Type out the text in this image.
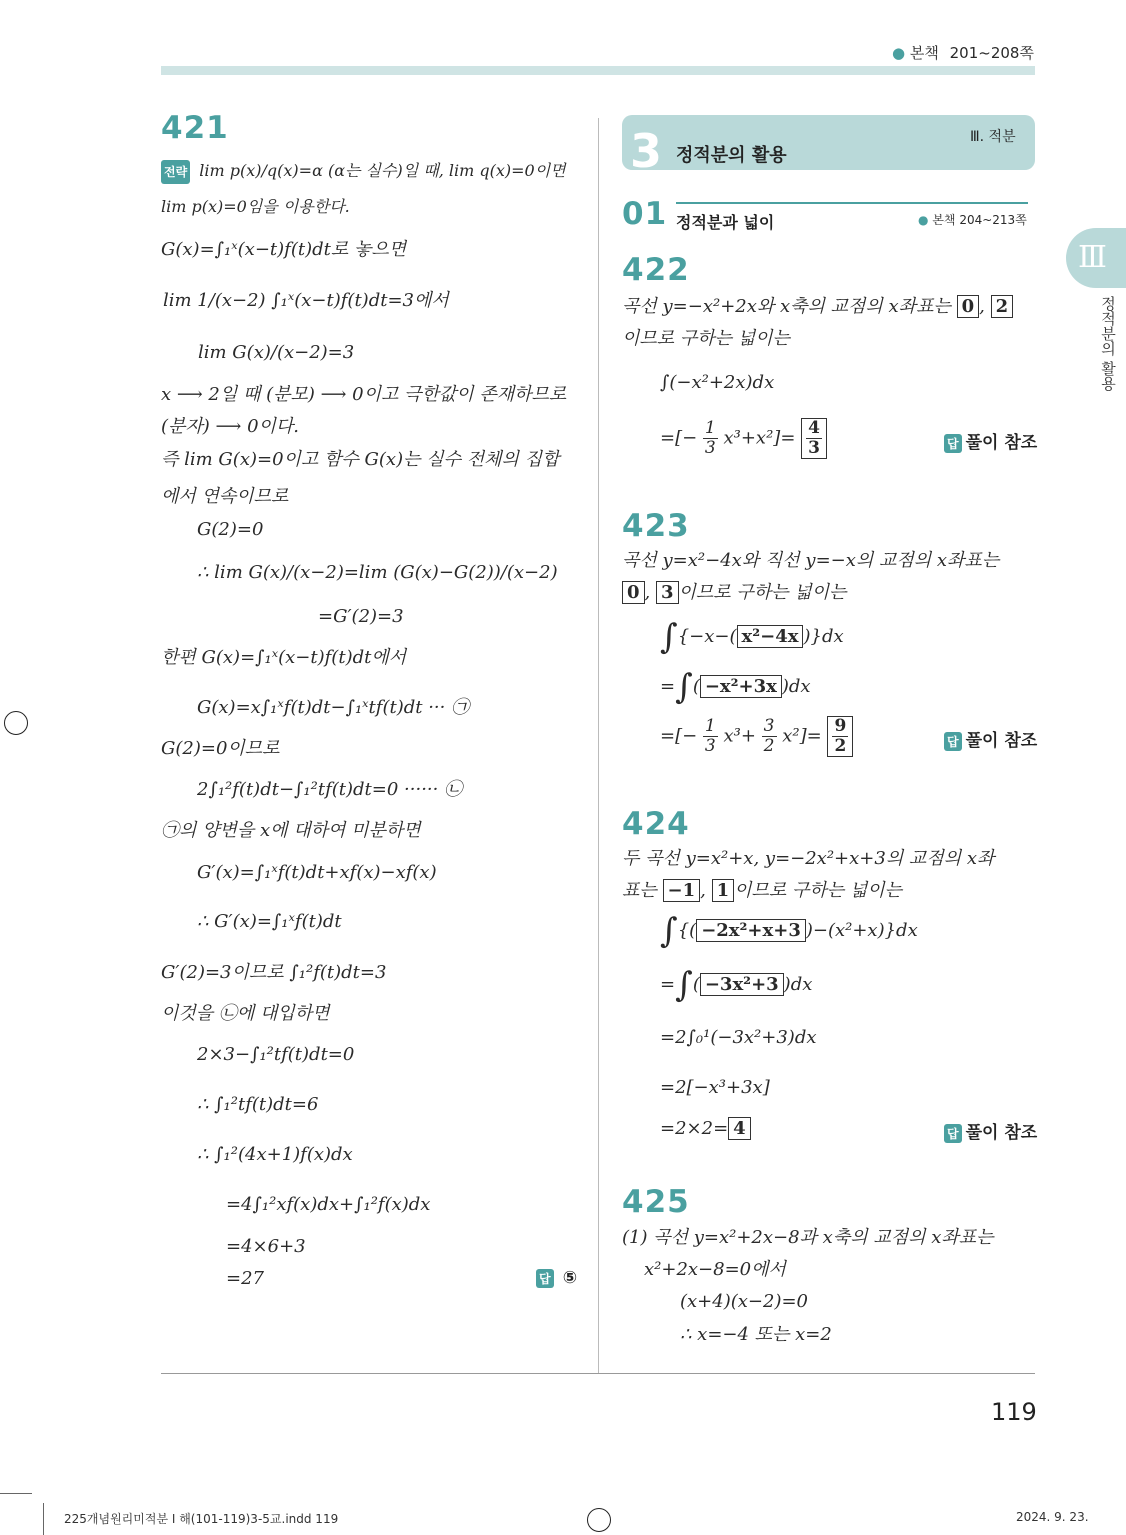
● 본책 201~208쪽
Ⅲ
정적분의 활용
421
전략 lim p(x)/q(x)=α (α는 실수)일 때, lim q(x)=0이면
lim p(x)=0임을 이용한다.
G(x)=∫₁ˣ(x−t)f(t)dt로 놓으면
lim 1/(x−2) ∫₁ˣ(x−t)f(t)dt=3에서
lim G(x)/(x−2)=3
x ⟶ 2일 때 (분모) ⟶ 0이고 극한값이 존재하므로
(분자) ⟶ 0이다.
즉 lim G(x)=0이고 함수 G(x)는 실수 전체의 집합
에서 연속이므로
G(2)=0
∴ lim G(x)/(x−2)=lim (G(x)−G(2))/(x−2)
=G′(2)=3
한편 G(x)=∫₁ˣ(x−t)f(t)dt에서
G(x)=x∫₁ˣf(t)dt−∫₁ˣtf(t)dt ··· ㉠
G(2)=0이므로
2∫₁²f(t)dt−∫₁²tf(t)dt=0 ······ ㉡
㉠의 양변을 x에 대하여 미분하면
G′(x)=∫₁ˣf(t)dt+xf(x)−xf(x)
∴ G′(x)=∫₁ˣf(t)dt
G′(2)=3이므로 ∫₁²f(t)dt=3
이것을 ㉡에 대입하면
2×3−∫₁²tf(t)dt=0
∴ ∫₁²tf(t)dt=6
∴ ∫₁²(4x+1)f(x)dx
=4∫₁²xf(x)dx+∫₁²f(x)dx
=4×6+3
=27	답 ⑤
3 정적분의 활용
Ⅲ. 적분
01 정적분과 넓이	● 본책 204~213쪽
422
곡선 y=−x²+2x와 x축의 교점의 x좌표는 0 , 2
이므로 구하는 넓이는
∫(−x²+2x)dx
=[− $\frac{1}{3} x^3+x^2]= \frac{4}{3}$	답 풀이 참조
423
곡선 y=x²−4x와 직선 y=−x의 교점의 x좌표는
0 , 3 이므로 구하는 넓이는
∫{−x−( x²−4x )}dx
=∫( −x²+3x )dx
=[− $\frac{1}{3} x^3+ \frac{3}{2} x^2]= \frac{9}{2}$	답 풀이 참조
424
두 곡선 y=x²+x, y=−2x²+x+3의 교점의 x좌
표는 −1 , 1 이므로 구하는 넓이는
∫{( −2x²+x+3 )−(x²+x)}dx
=∫( −3x²+3 )dx
=2∫₀¹(−3x²+3)dx
=2[−x³+3x]
=2×2= 4	답 풀이 참조
425
(1) 곡선 y=x²+2x−8과 x축의 교점의 x좌표는
x²+2x−8=0에서
(x+4)(x−2)=0
∴ x=−4 또는 x=2
119
225개념원리미적분 Ⅰ 해(101-119)3-5교.indd 119	2024. 9. 23.
